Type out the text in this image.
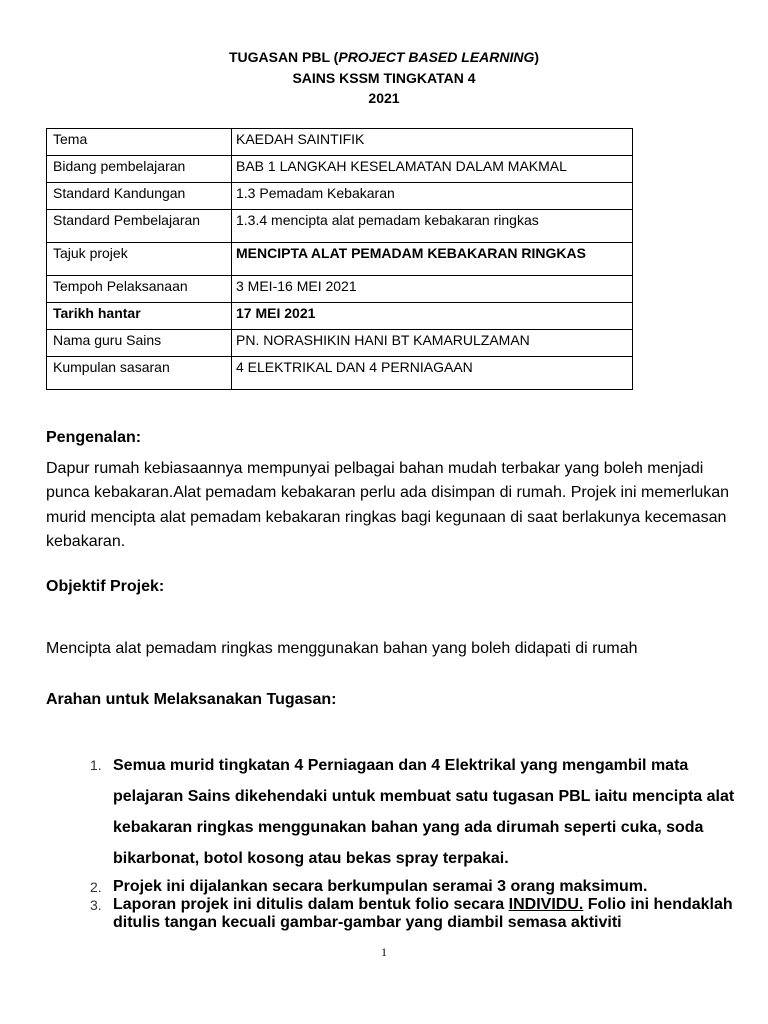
TUGASAN PBL (PROJECT BASED LEARNING)
SAINS KSSM TINGKATAN 4
2021
Tema	KAEDAH SAINTIFIK
Bidang pembelajaran	BAB 1 LANGKAH KESELAMATAN DALAM MAKMAL
Standard Kandungan	1.3 Pemadam Kebakaran
Standard Pembelajaran	1.3.4 mencipta alat pemadam kebakaran ringkas
Tajuk projek	MENCIPTA ALAT PEMADAM KEBAKARAN RINGKAS
Tempoh Pelaksanaan	3 MEI-16 MEI 2021
Tarikh hantar	17 MEI 2021
Nama guru Sains	PN. NORASHIKIN HANI BT KAMARULZAMAN
Kumpulan sasaran	4 ELEKTRIKAL DAN 4 PERNIAGAAN
Pengenalan:
Dapur rumah kebiasaannya mempunyai pelbagai bahan mudah terbakar yang boleh menjadi punca kebakaran.Alat pemadam kebakaran perlu ada disimpan di rumah. Projek ini memerlukan murid mencipta alat pemadam kebakaran ringkas bagi kegunaan di saat berlakunya kecemasan kebakaran.
Objektif Projek:
Mencipta alat pemadam ringkas menggunakan bahan yang boleh didapati di rumah
Arahan untuk Melaksanakan Tugasan:
1. Semua murid tingkatan 4 Perniagaan dan 4 Elektrikal yang mengambil mata pelajaran Sains dikehendaki untuk membuat satu tugasan PBL iaitu mencipta alat kebakaran ringkas menggunakan bahan yang ada dirumah seperti cuka, soda bikarbonat, botol kosong atau bekas spray terpakai.
2. Projek ini dijalankan secara berkumpulan seramai 3 orang maksimum.
3. Laporan projek ini ditulis dalam bentuk folio secara INDIVIDU. Folio ini hendaklah ditulis tangan kecuali gambar-gambar yang diambil semasa aktiviti
1
